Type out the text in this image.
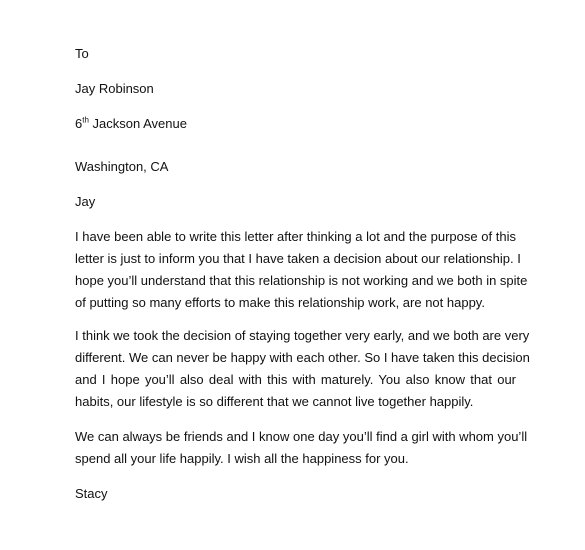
To
Jay Robinson
6th Jackson Avenue
Washington, CA
Jay
I have been able to write this letter after thinking a lot and the purpose of this
letter is just to inform you that I have taken a decision about our relationship. I
hope you’ll understand that this relationship is not working and we both in spite
of putting so many efforts to make this relationship work, are not happy.
I think we took the decision of staying together very early, and we both are very
different. We can never be happy with each other. So I have taken this decision
and I hope you’ll also deal with this with maturely. You also know that our
habits, our lifestyle is so different that we cannot live together happily.
We can always be friends and I know one day you’ll find a girl with whom you’ll
spend all your life happily. I wish all the happiness for you.
Stacy
